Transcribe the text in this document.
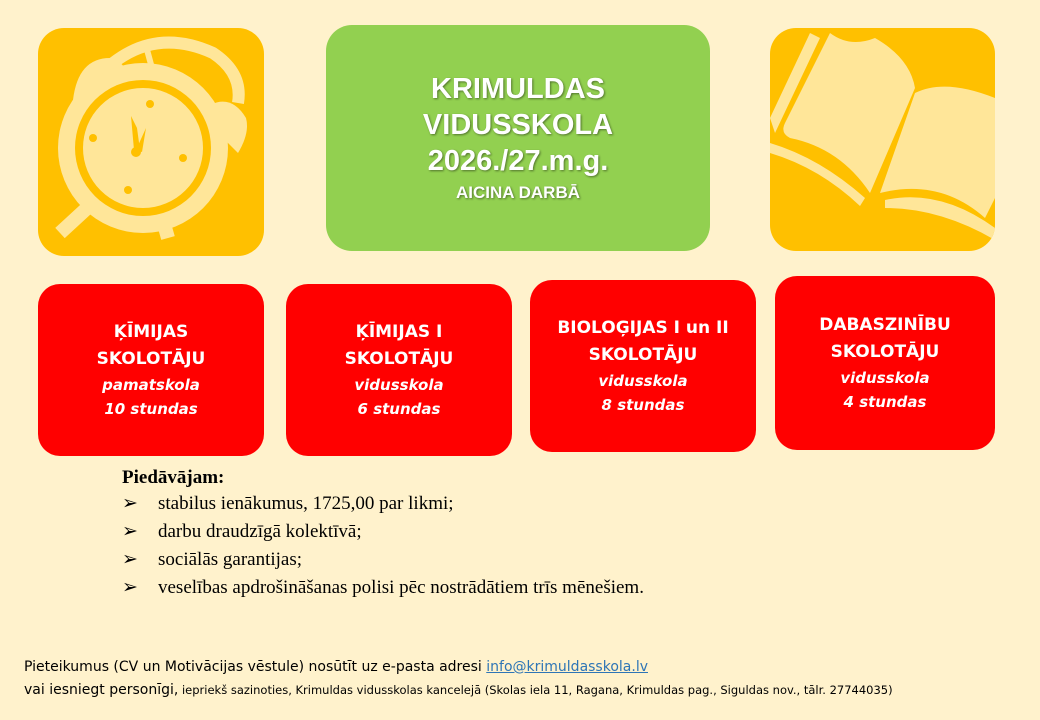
KRIMULDAS
VIDUSSKOLA
2026./27.m.g.
AICINA DARBĀ
ĶĪMIJAS
SKOLOTĀJU
pamatskola
10 stundas
ĶĪMIJAS I
SKOLOTĀJU
vidusskola
6 stundas
BIOLOĢIJAS I un II
SKOLOTĀJU
vidusskola
8 stundas
DABASZINĪBU
SKOLOTĀJU
vidusskola
4 stundas
Piedāvājam:
➢	stabilus ienākumus, 1725,00 par likmi;
➢	darbu draudzīgā kolektīvā;
➢	sociālās garantijas;
➢	veselības apdrošināšanas polisi pēc nostrādātiem trīs mēnešiem.
Pieteikumus (CV un Motivācijas vēstule) nosūtīt uz e-pasta adresi info@krimuldasskola.lv
vai iesniegt personīgi, iepriekš sazinoties, Krimuldas vidusskolas kancelejā (Skolas iela 11, Ragana, Krimuldas pag., Siguldas nov., tālr. 27744035)
